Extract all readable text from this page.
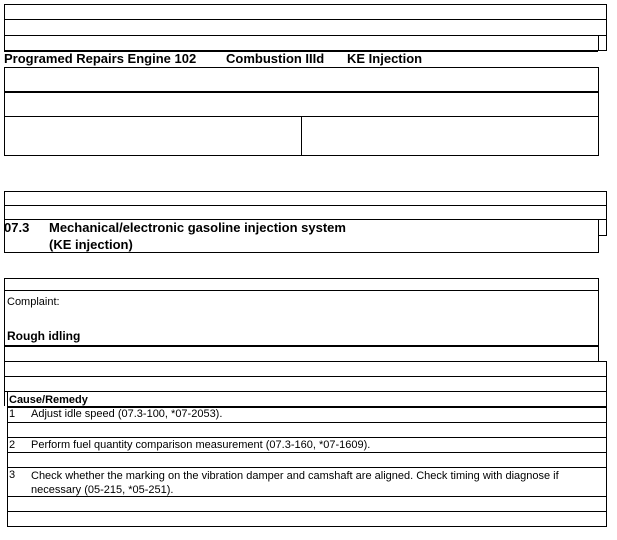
Programed Repairs Engine 102 Combustion IIId KE Injection
07.3 Mechanical/electronic gasoline injection system
(KE injection)
Complaint:
Rough idling
Cause/Remedy
1 Adjust idle speed (07.3-100, *07-2053).
2 Perform fuel quantity comparison measurement (07.3-160, *07-1609).
3 Check whether the marking on the vibration damper and camshaft are aligned. Check timing with diagnose if necessary (05-215, *05-251).
